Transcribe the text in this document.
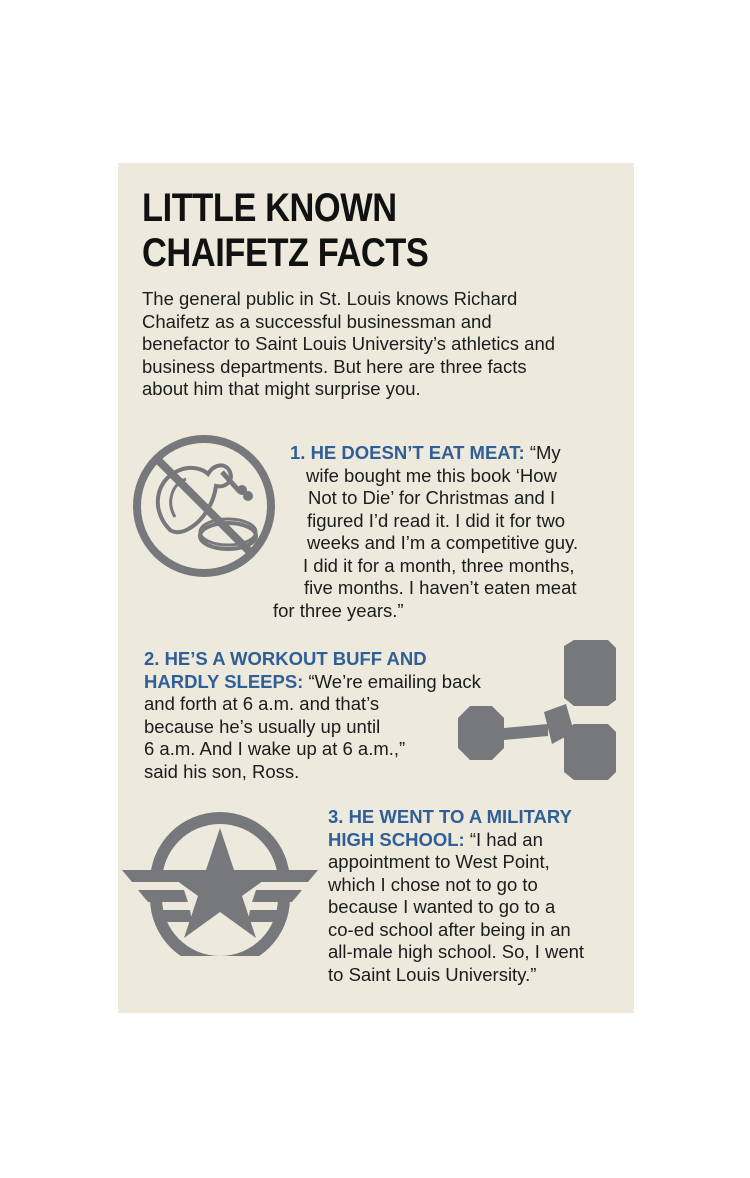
LITTLE KNOWN
CHAIFETZ FACTS

The general public in St. Louis knows Richard
Chaifetz as a successful businessman and
benefactor to Saint Louis University’s athletics and
business departments. But here are three facts
about him that might surprise you.

1. HE DOESN’T EAT MEAT: “My
wife bought me this book ‘How
Not to Die’ for Christmas and I
figured I’d read it. I did it for two
weeks and I’m a competitive guy.
I did it for a month, three months,
five months. I haven’t eaten meat
for three years.”
2. HE’S A WORKOUT BUFF AND
HARDLY SLEEPS: “We’re emailing back
and forth at 6 a.m. and that’s
because he’s usually up until
6 a.m. And I wake up at 6 a.m.,”
said his son, Ross.
3. HE WENT TO A MILITARY
HIGH SCHOOL: “I had an
appointment to West Point,
which I chose not to go to
because I wanted to go to a
co-ed school after being in an
all-male high school. So, I went
to Saint Louis University.”
